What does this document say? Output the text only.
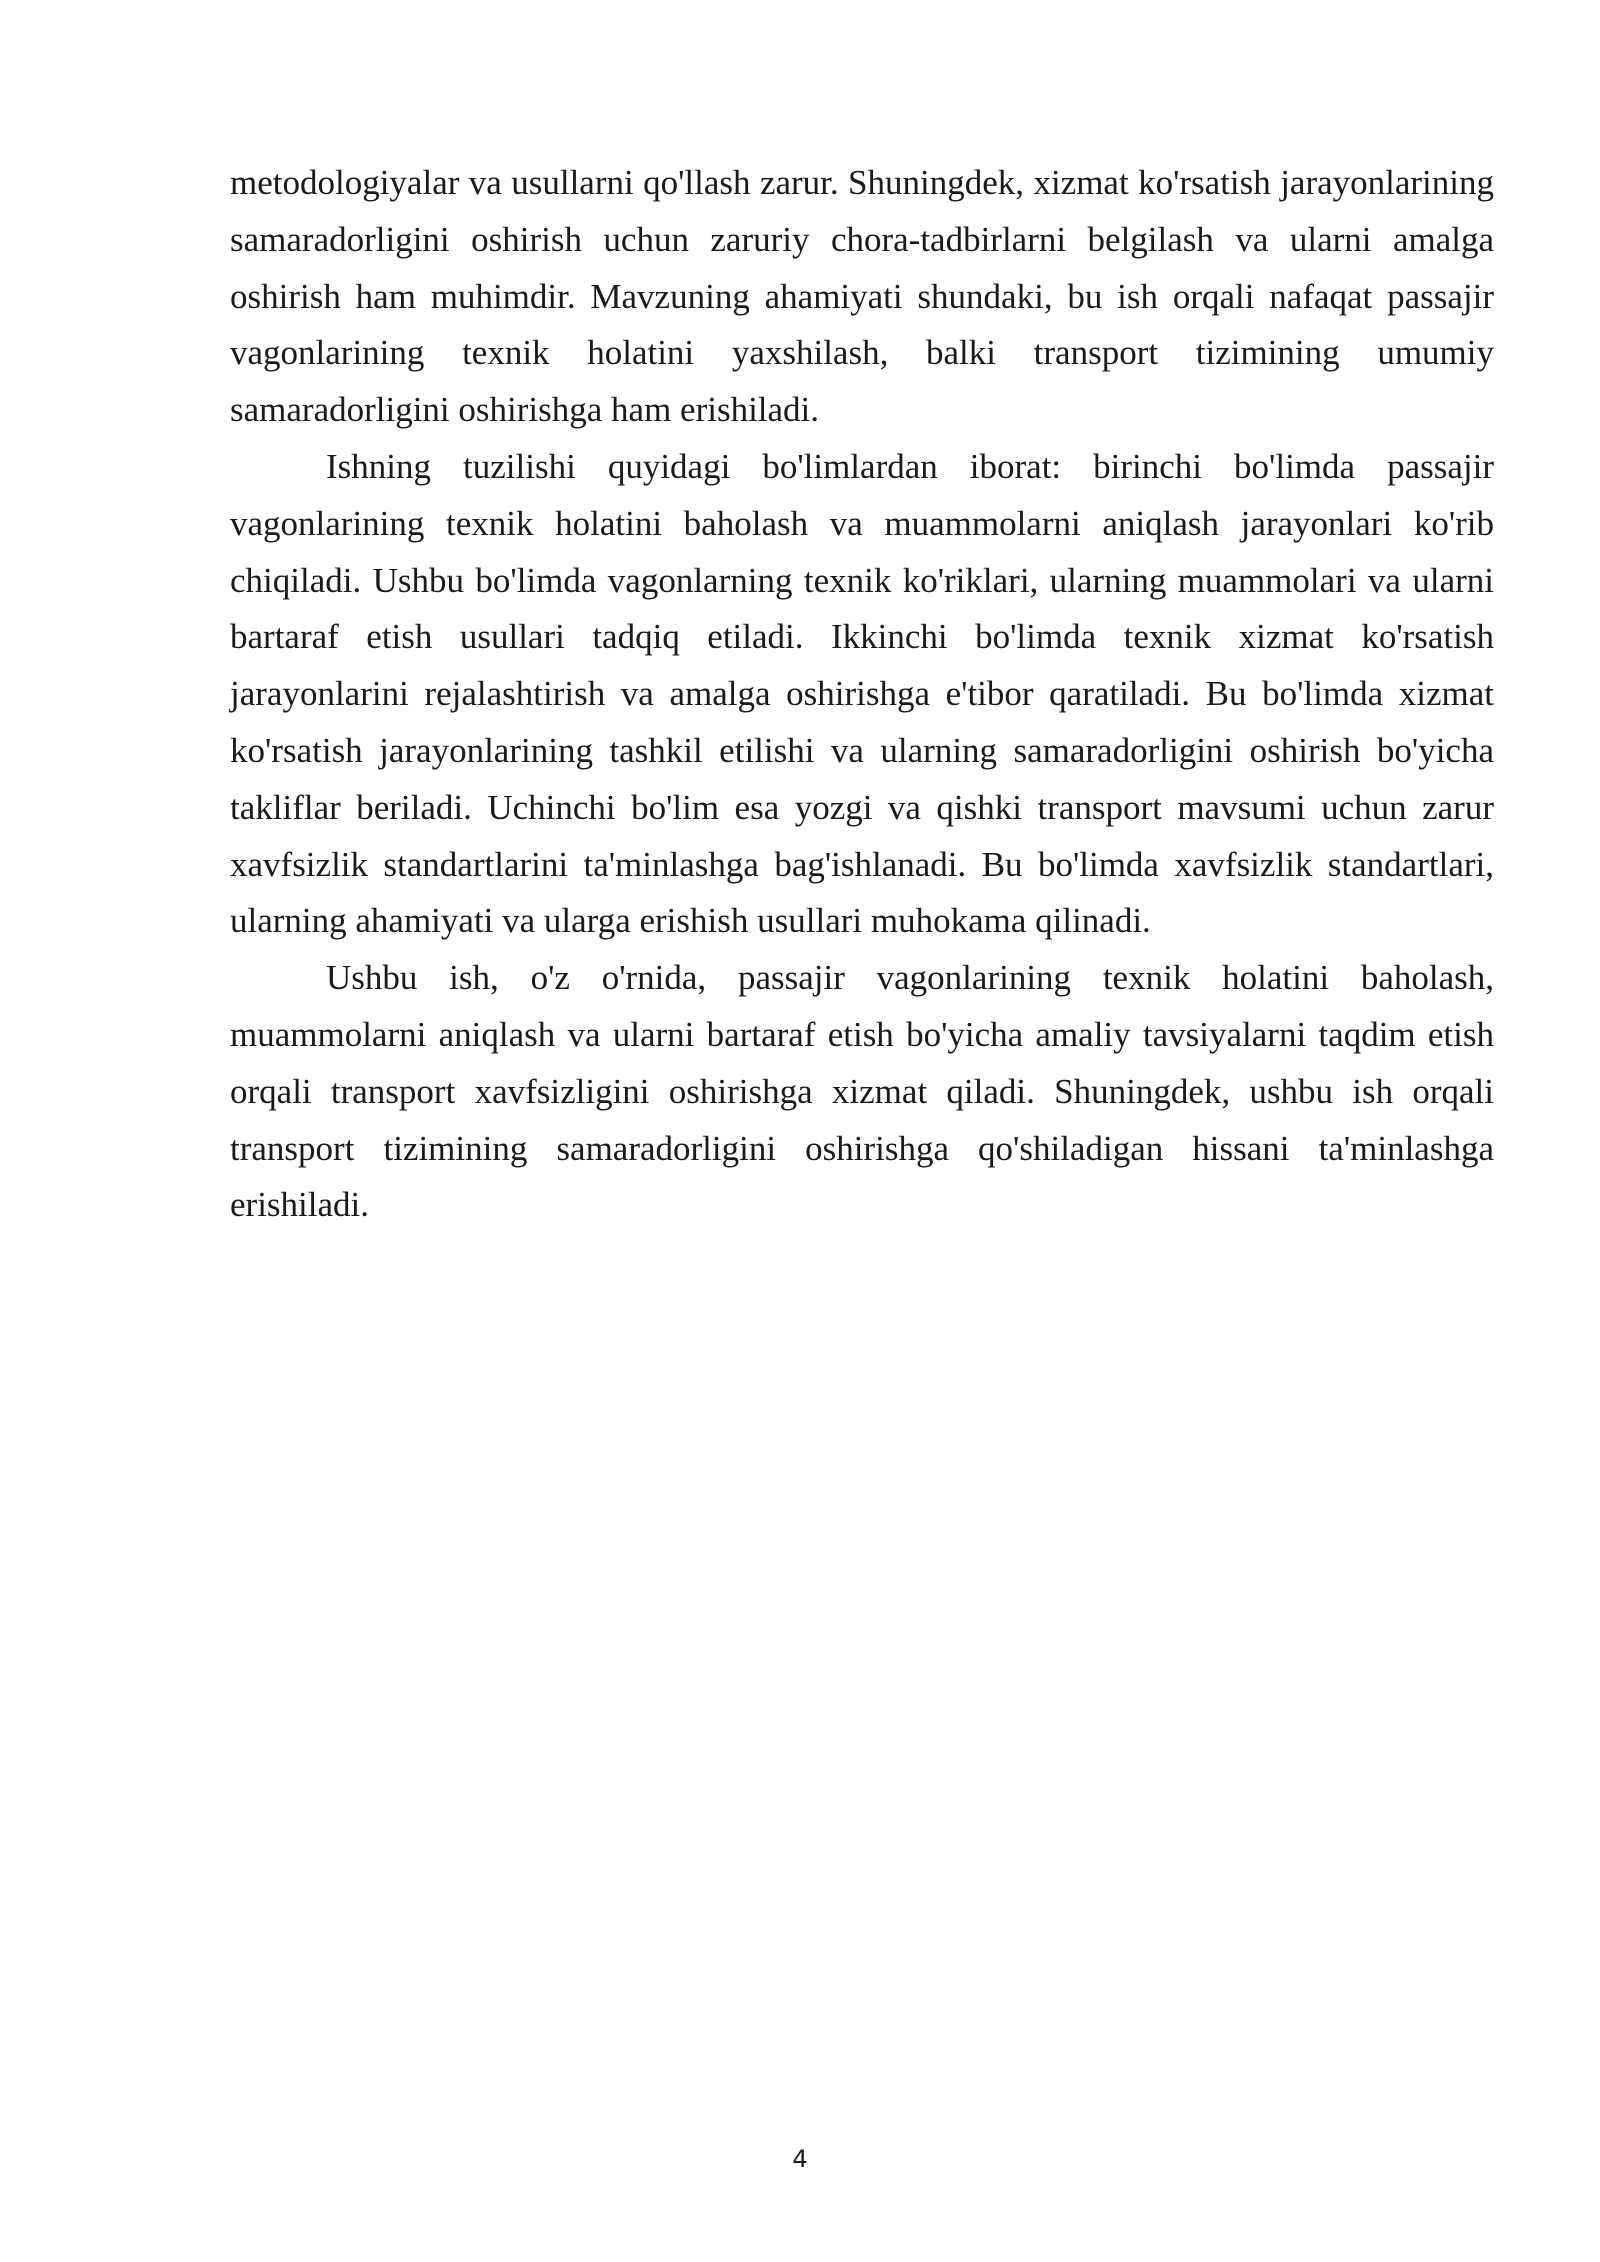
metodologiyalar va usullarni qo'llash zarur. Shuningdek, xizmat ko'rsatish jarayonlarining samaradorligini oshirish uchun zaruriy chora-tadbirlarni belgilash va ularni amalga oshirish ham muhimdir. Mavzuning ahamiyati shundaki, bu ish orqali nafaqat passajir vagonlarining texnik holatini yaxshilash, balki transport tizimining umumiy samaradorligini oshirishga ham erishiladi.

Ishning tuzilishi quyidagi bo'limlardan iborat: birinchi bo'limda passajir vagonlarining texnik holatini baholash va muammolarni aniqlash jarayonlari ko'rib chiqiladi. Ushbu bo'limda vagonlarning texnik ko'riklari, ularning muammolari va ularni bartaraf etish usullari tadqiq etiladi. Ikkinchi bo'limda texnik xizmat ko'rsatish jarayonlarini rejalashtirish va amalga oshirishga e'tibor qaratiladi. Bu bo'limda xizmat ko'rsatish jarayonlarining tashkil etilishi va ularning samaradorligini oshirish bo'yicha takliflar beriladi. Uchinchi bo'lim esa yozgi va qishki transport mavsumi uchun zarur xavfsizlik standartlarini ta'minlashga bag'ishlanadi. Bu bo'limda xavfsizlik standartlari, ularning ahamiyati va ularga erishish usullari muhokama qilinadi.

Ushbu ish, o'z o'rnida, passajir vagonlarining texnik holatini baholash, muammolarni aniqlash va ularni bartaraf etish bo'yicha amaliy tavsiyalarni taqdim etish orqali transport xavfsizligini oshirishga xizmat qiladi. Shuningdek, ushbu ish orqali transport tizimining samaradorligini oshirishga qo'shiladigan hissani ta'minlashga erishiladi.

4
